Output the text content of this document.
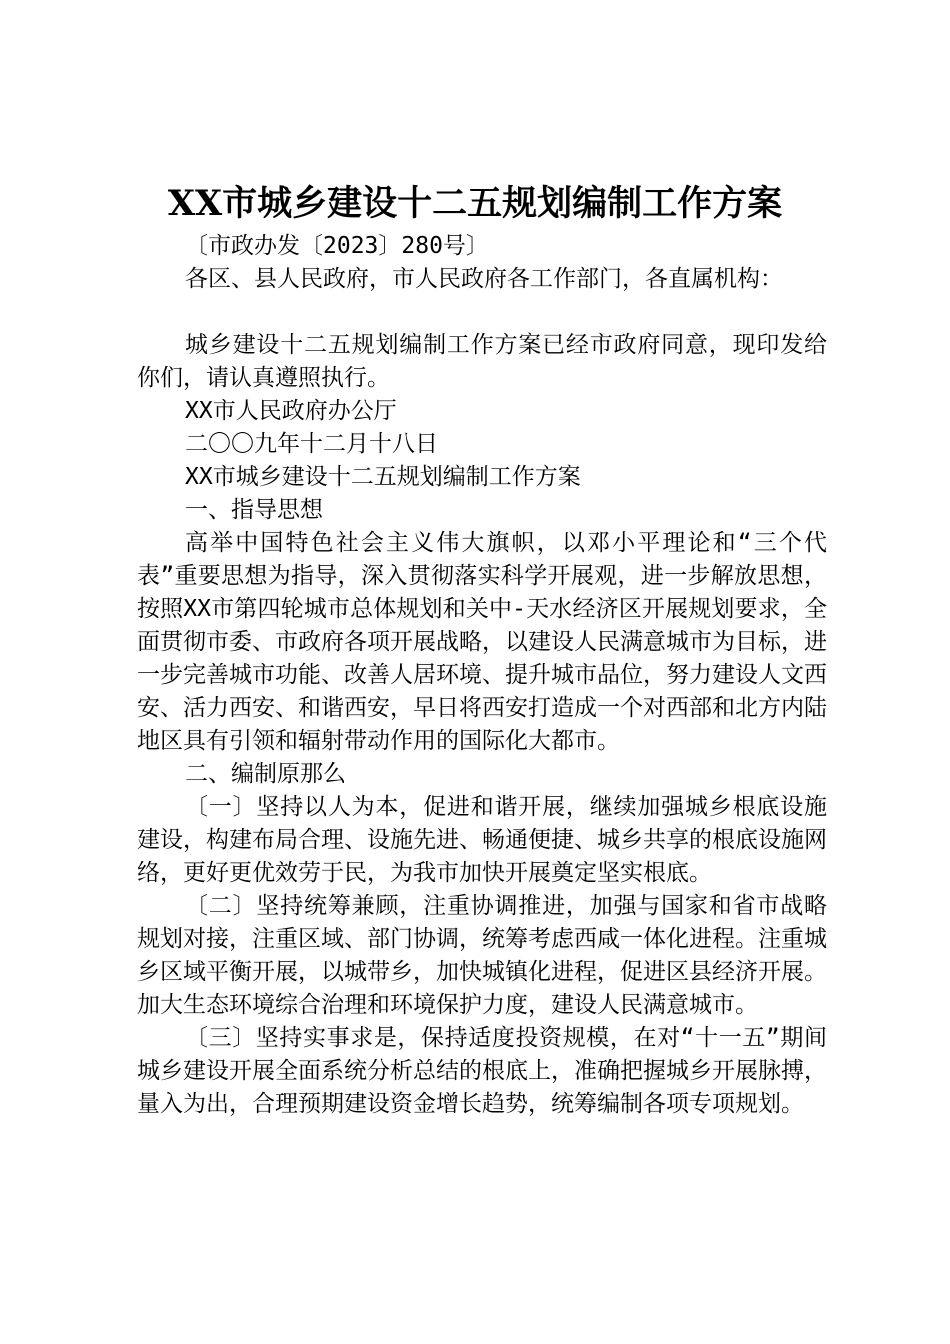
XX市城乡建设十二五规划编制工作方案
〔市政办发〔2023〕280号〕
各区、县人民政府，市人民政府各工作部门，各直属机构：
城乡建设十二五规划编制工作方案已经市政府同意，现印发给你们，请认真遵照执行。
XX市人民政府办公厅
二〇〇九年十二月十八日
XX市城乡建设十二五规划编制工作方案
一、指导思想
高举中国特色社会主义伟大旗帜，以邓小平理论和“三个代表”重要思想为指导，深入贯彻落实科学开展观，进一步解放思想，按照XX市第四轮城市总体规划和关中-天水经济区开展规划要求，全面贯彻市委、市政府各项开展战略，以建设人民满意城市为目标，进一步完善城市功能、改善人居环境、提升城市品位，努力建设人文西安、活力西安、和谐西安，早日将西安打造成一个对西部和北方内陆地区具有引领和辐射带动作用的国际化大都市。
二、编制原那么
〔一〕坚持以人为本，促进和谐开展，继续加强城乡根底设施建设，构建布局合理、设施先进、畅通便捷、城乡共享的根底设施网络，更好更优效劳于民，为我市加快开展奠定坚实根底。
〔二〕坚持统筹兼顾，注重协调推进，加强与国家和省市战略规划对接，注重区域、部门协调，统筹考虑西咸一体化进程。注重城乡区域平衡开展，以城带乡，加快城镇化进程，促进区县经济开展。加大生态环境综合治理和环境保护力度，建设人民满意城市。
〔三〕坚持实事求是，保持适度投资规模，在对“十一五”期间城乡建设开展全面系统分析总结的根底上，准确把握城乡开展脉搏，量入为出，合理预期建设资金增长趋势，统筹编制各项专项规划。
